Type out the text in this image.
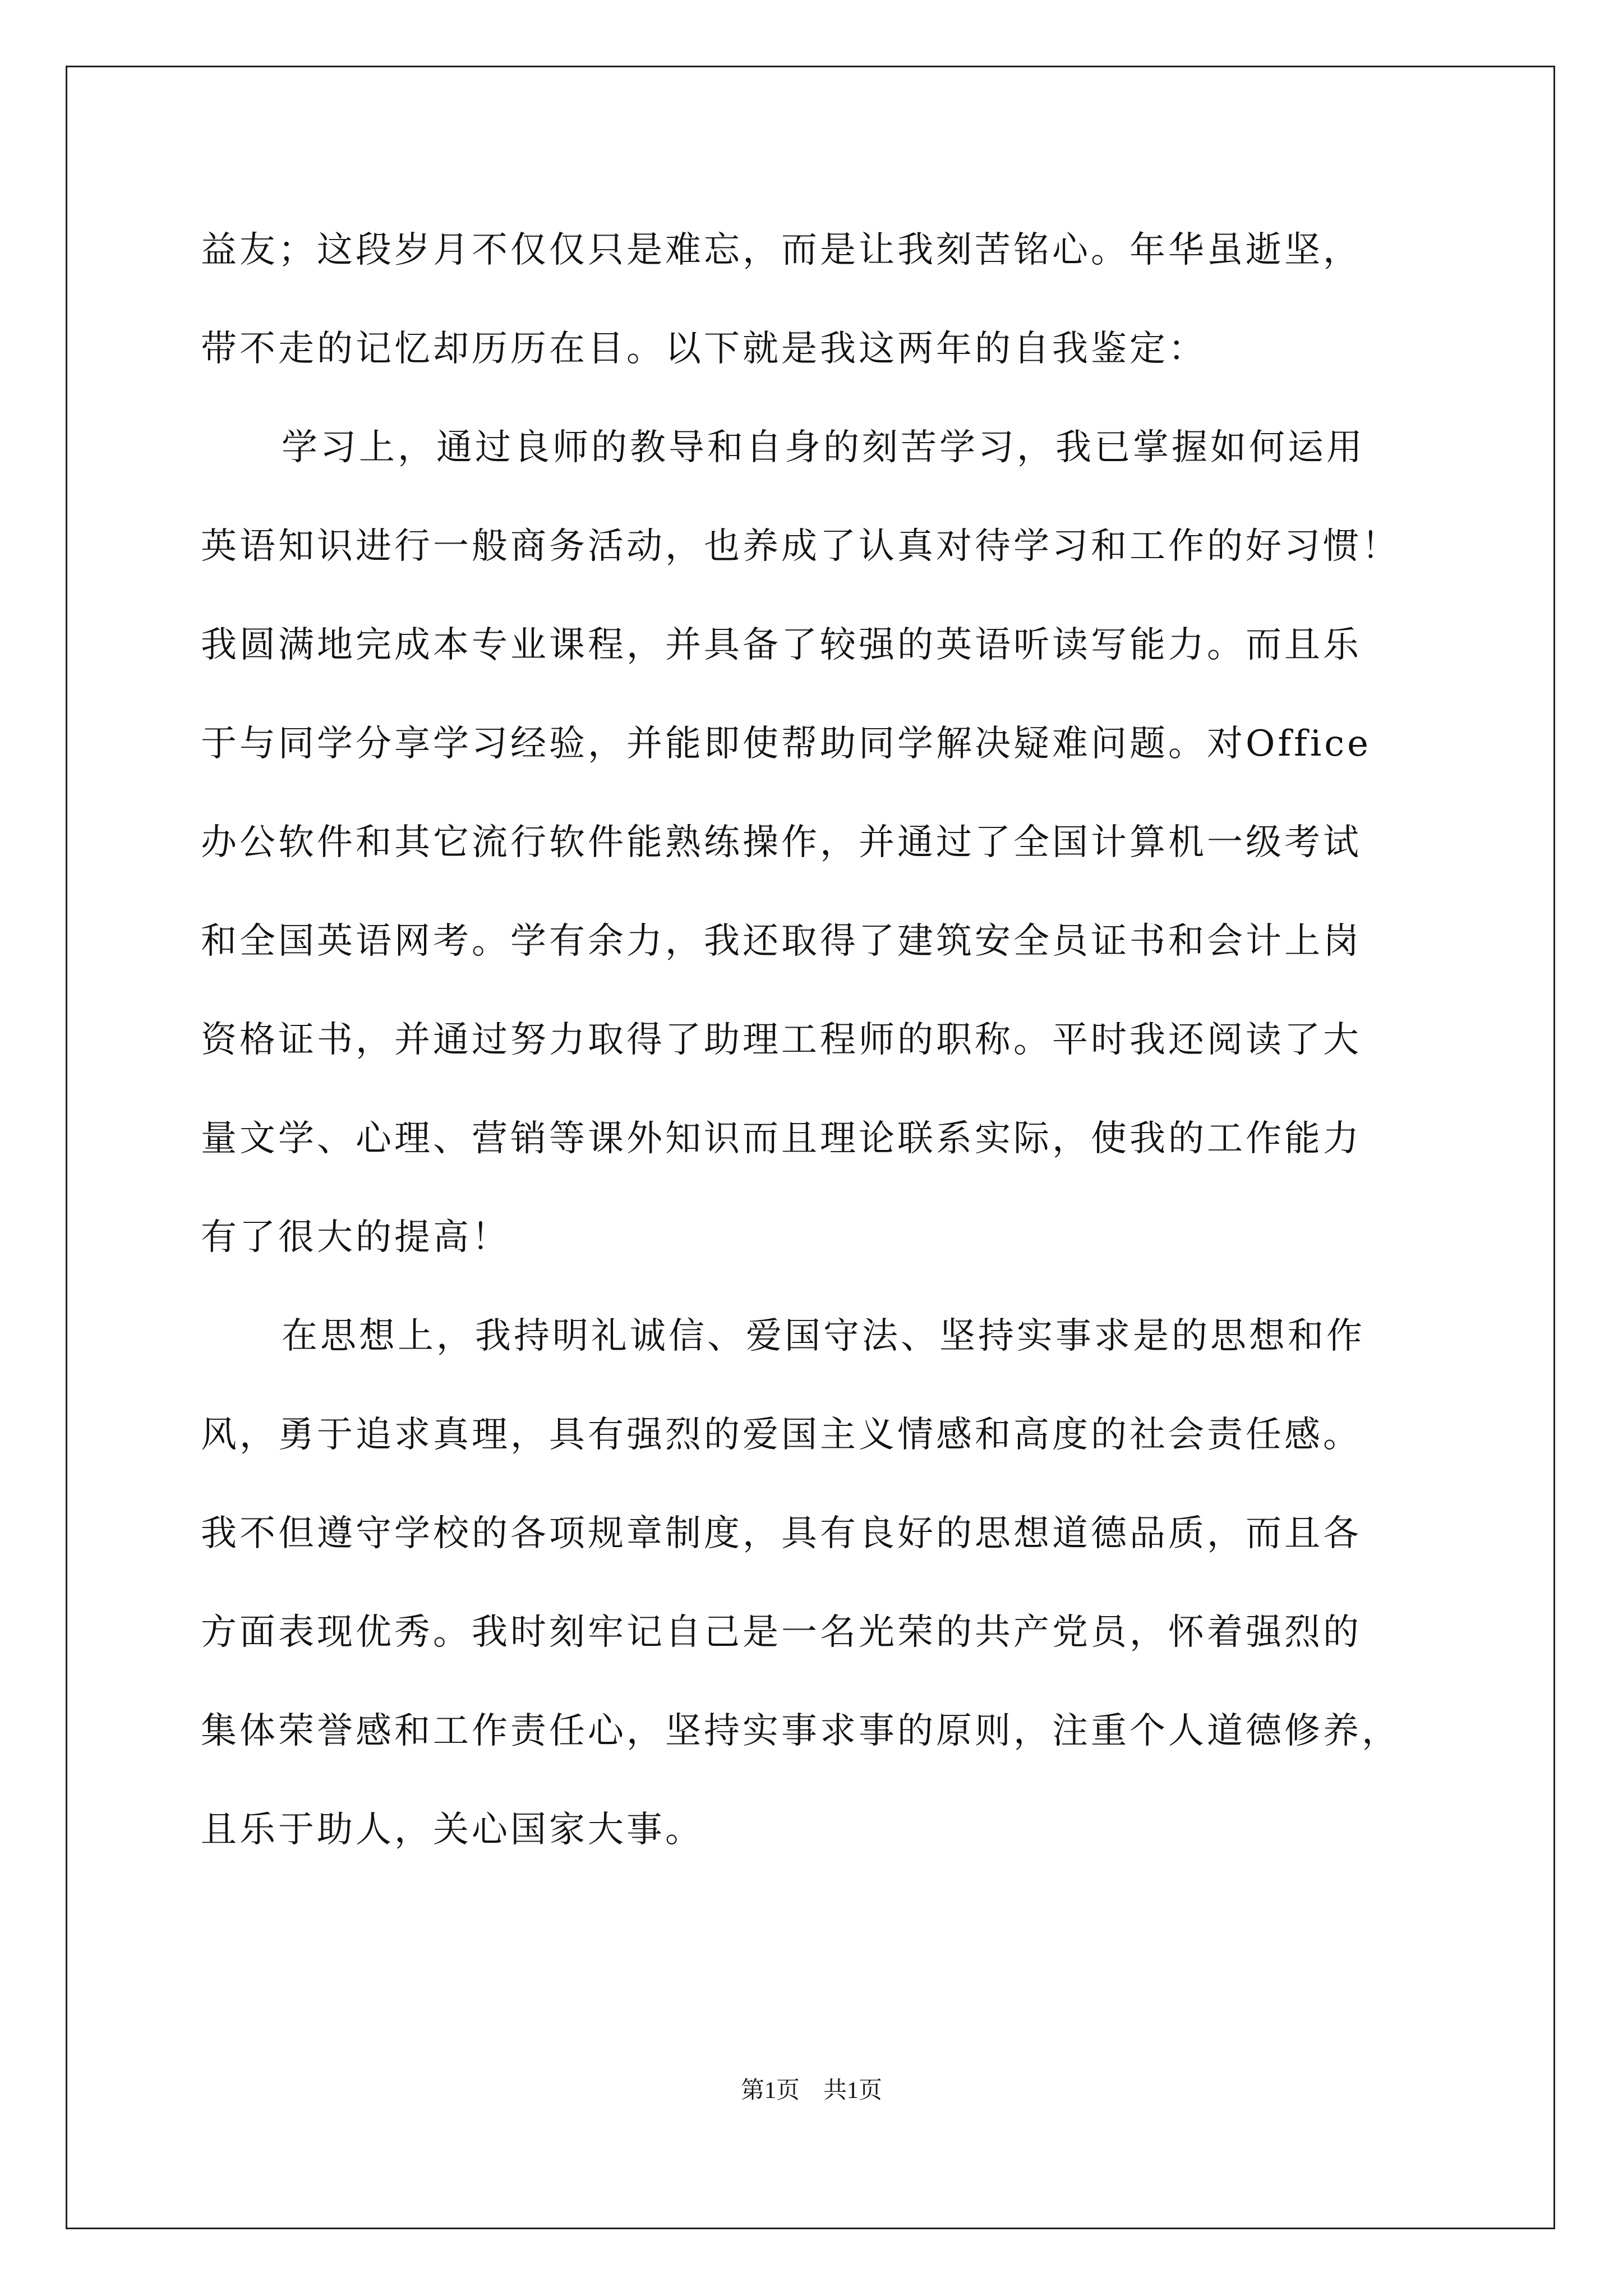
益友；这段岁月不仅仅只是难忘，而是让我刻苦铭心。年华虽逝坚，
带不走的记忆却历历在目。以下就是我这两年的自我鉴定：
学习上，通过良师的教导和自身的刻苦学习，我已掌握如何运用
英语知识进行一般商务活动，也养成了认真对待学习和工作的好习惯！
我圆满地完成本专业课程，并具备了较强的英语听读写能力。而且乐
于与同学分享学习经验，并能即使帮助同学解决疑难问题。对Office
办公软件和其它流行软件能熟练操作，并通过了全国计算机一级考试
和全国英语网考。学有余力，我还取得了建筑安全员证书和会计上岗
资格证书，并通过努力取得了助理工程师的职称。平时我还阅读了大
量文学、心理、营销等课外知识而且理论联系实际，使我的工作能力
有了很大的提高！
在思想上，我持明礼诚信、爱国守法、坚持实事求是的思想和作
风，勇于追求真理，具有强烈的爱国主义情感和高度的社会责任感。
我不但遵守学校的各项规章制度，具有良好的思想道德品质，而且各
方面表现优秀。我时刻牢记自己是一名光荣的共产党员，怀着强烈的
集体荣誉感和工作责任心，坚持实事求事的原则，注重个人道德修养，
且乐于助人，关心国家大事。
第1页　共1页
